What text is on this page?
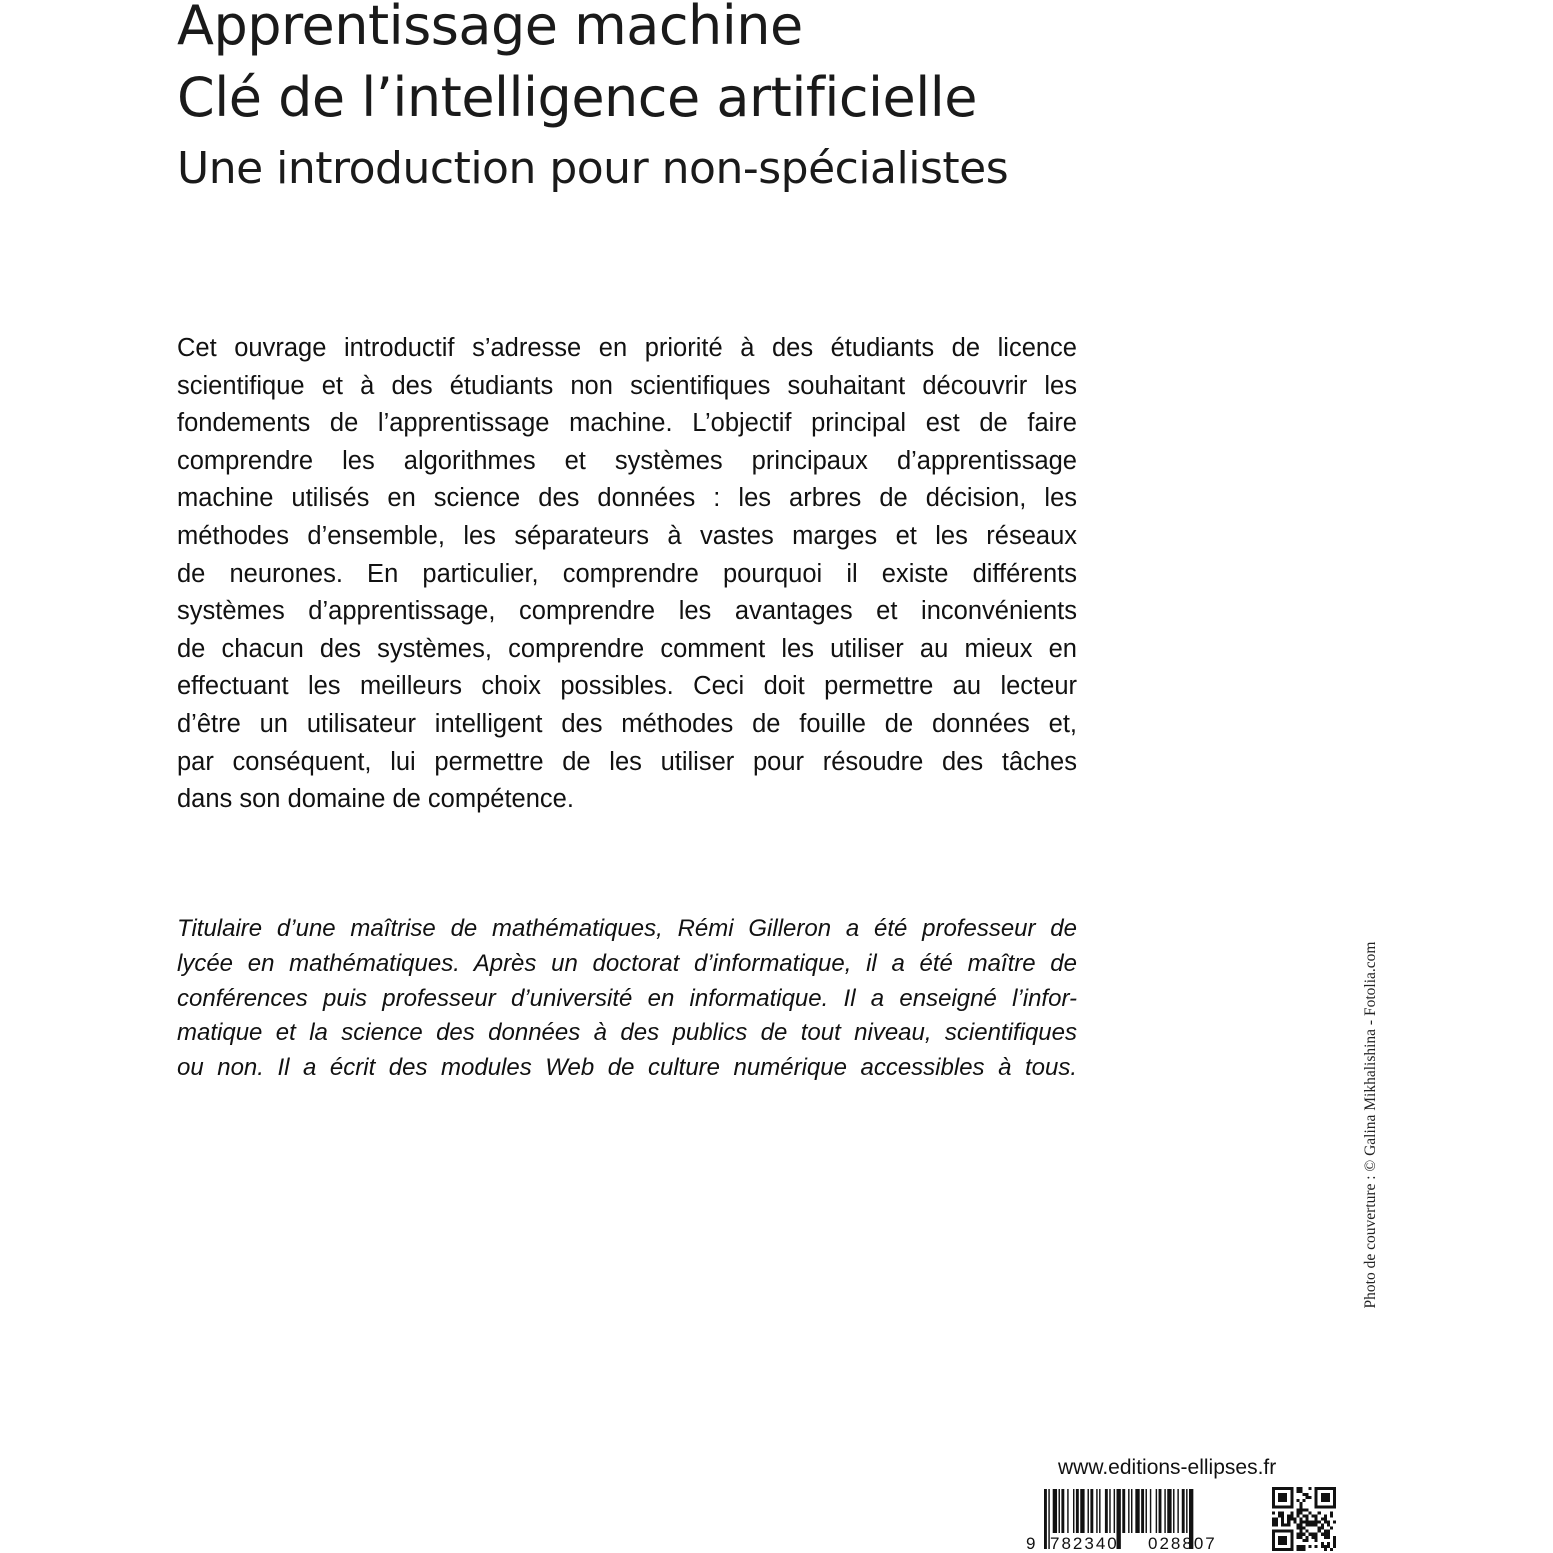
Apprentissage machine
Clé de l’intelligence artificielle
Une introduction pour non-spécialistes
Cet ouvrage introductif s’adresse en priorité à des étudiants de licence
scientifique et à des étudiants non scientifiques souhaitant découvrir les
fondements de l’apprentissage machine. L’objectif principal est de faire
comprendre les algorithmes et systèmes principaux d’apprentissage
machine utilisés en science des données : les arbres de décision, les
méthodes d’ensemble, les séparateurs à vastes marges et les réseaux
de neurones. En particulier, comprendre pourquoi il existe différents
systèmes d’apprentissage, comprendre les avantages et inconvénients
de chacun des systèmes, comprendre comment les utiliser au mieux en
effectuant les meilleurs choix possibles. Ceci doit permettre au lecteur
d’être un utilisateur intelligent des méthodes de fouille de données et,
par conséquent, lui permettre de les utiliser pour résoudre des tâches
dans son domaine de compétence.
Titulaire d’une maîtrise de mathématiques, Rémi Gilleron a été professeur de
lycée en mathématiques. Après un doctorat d’informatique, il a été maître de
conférences puis professeur d’université en informatique. Il a enseigné l’infor-
matique et la science des données à des publics de tout niveau, scientifiques
ou non. Il a écrit des modules Web de culture numérique accessibles à tous.	Photo de couverture : © Galina Mikhalishina - Fotolia.com
www.editions-ellipses.fr
9 782340 028807
